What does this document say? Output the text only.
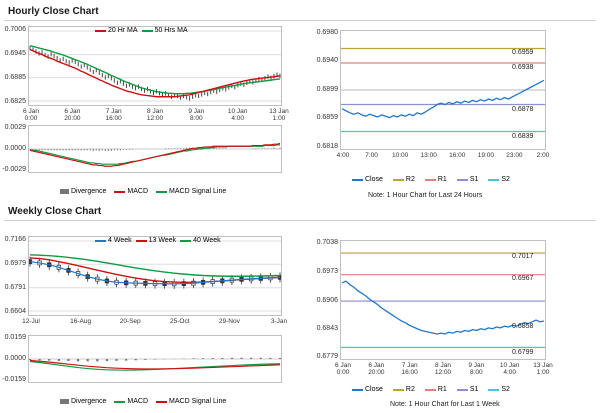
Hourly Close Chart
0.6825
0.6885
0.6945
0.7006
6 Jan
0:00
6 Jan
20:00
7 Jan
16:00
8 Jan
12:00
9 Jan
8:00
10 Jan
4:00
13 Jan
1:00
20 Hr MA 50 Hrs MA
-0.0029
0.0000
0.0029
Divergence	MACD	MACD Signal Line
0.6818
0.6859
0.6899
0.6940
0.6980
4:00	7:00	10:00	13:00	16:00	19:00	23:00	2:00
0.6959
0.6938
0.6878
0.6839
Close	R2	R1	S1	S2
Note: 1 Hour Chart for Last 24 Hours
Weekly Close Chart
0.6604
0.6791
0.6979
0.7166
12-Jul	16-Aug	20-Sep	25-Oct	29-Nov	3-Jan
4 Week 13 Week 40 Week
-0.0159
0.0000
0.0159
Divergence	MACD	MACD Signal Line
0.6779
0.6843
0.6906
0.6973
0.7038
6 Jan
0:00
6 Jan
20:00
7 Jan
16:00
8 Jan
12:00
9 Jan
8:00
10 Jan
4:00
13 Jan
1:00
0.7017
0.6967
0.6858
0.6799
Close	R2	R1	S1	S2
Note: 1 Hour Chart for Last 1 Week
